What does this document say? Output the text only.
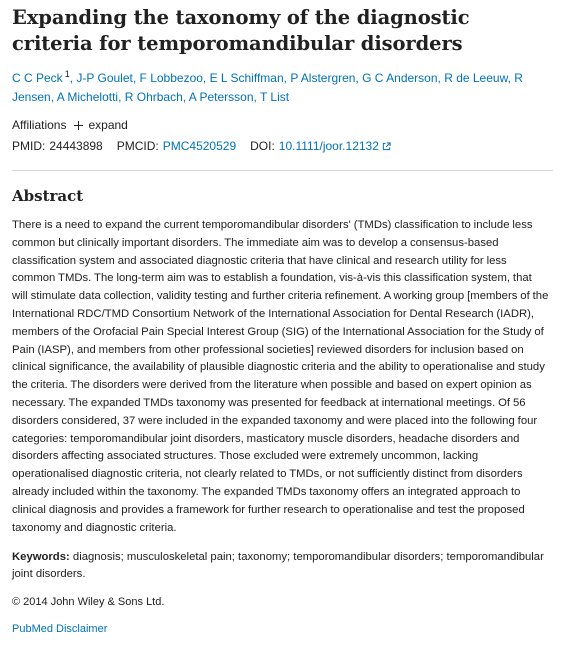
Expanding the taxonomy of the diagnostic criteria for temporomandibular disorders
C C Peck $^1$, J-P Goulet, F Lobbezoo, E L Schiffman, P Alstergren, G C Anderson, R de Leeuw, R Jensen, A Michelotti, R Ohrbach, A Petersson, T List
Affiliations expand
PMID: 24443898 PMCID: PMC4520529 DOI: 10.1111/joor.12132
Abstract

There is a need to expand the current temporomandibular disorders' (TMDs) classification to include less common but clinically important disorders. The immediate aim was to develop a consensus-based classification system and associated diagnostic criteria that have clinical and research utility for less common TMDs. The long-term aim was to establish a foundation, vis-à-vis this classification system, that will stimulate data collection, validity testing and further criteria refinement. A working group [members of the International RDC/TMD Consortium Network of the International Association for Dental Research (IADR), members of the Orofacial Pain Special Interest Group (SIG) of the International Association for the Study of Pain (IASP), and members from other professional societies] reviewed disorders for inclusion based on clinical significance, the availability of plausible diagnostic criteria and the ability to operationalise and study the criteria. The disorders were derived from the literature when possible and based on expert opinion as necessary. The expanded TMDs taxonomy was presented for feedback at international meetings. Of 56 disorders considered, 37 were included in the expanded taxonomy and were placed into the following four categories: temporomandibular joint disorders, masticatory muscle disorders, headache disorders and disorders affecting associated structures. Those excluded were extremely uncommon, lacking operationalised diagnostic criteria, not clearly related to TMDs, or not sufficiently distinct from disorders already included within the taxonomy. The expanded TMDs taxonomy offers an integrated approach to clinical diagnosis and provides a framework for further research to operationalise and test the proposed taxonomy and diagnostic criteria.

Keywords: diagnosis; musculoskeletal pain; taxonomy; temporomandibular disorders; temporomandibular joint disorders.
© 2014 John Wiley & Sons Ltd.
PubMed Disclaimer
